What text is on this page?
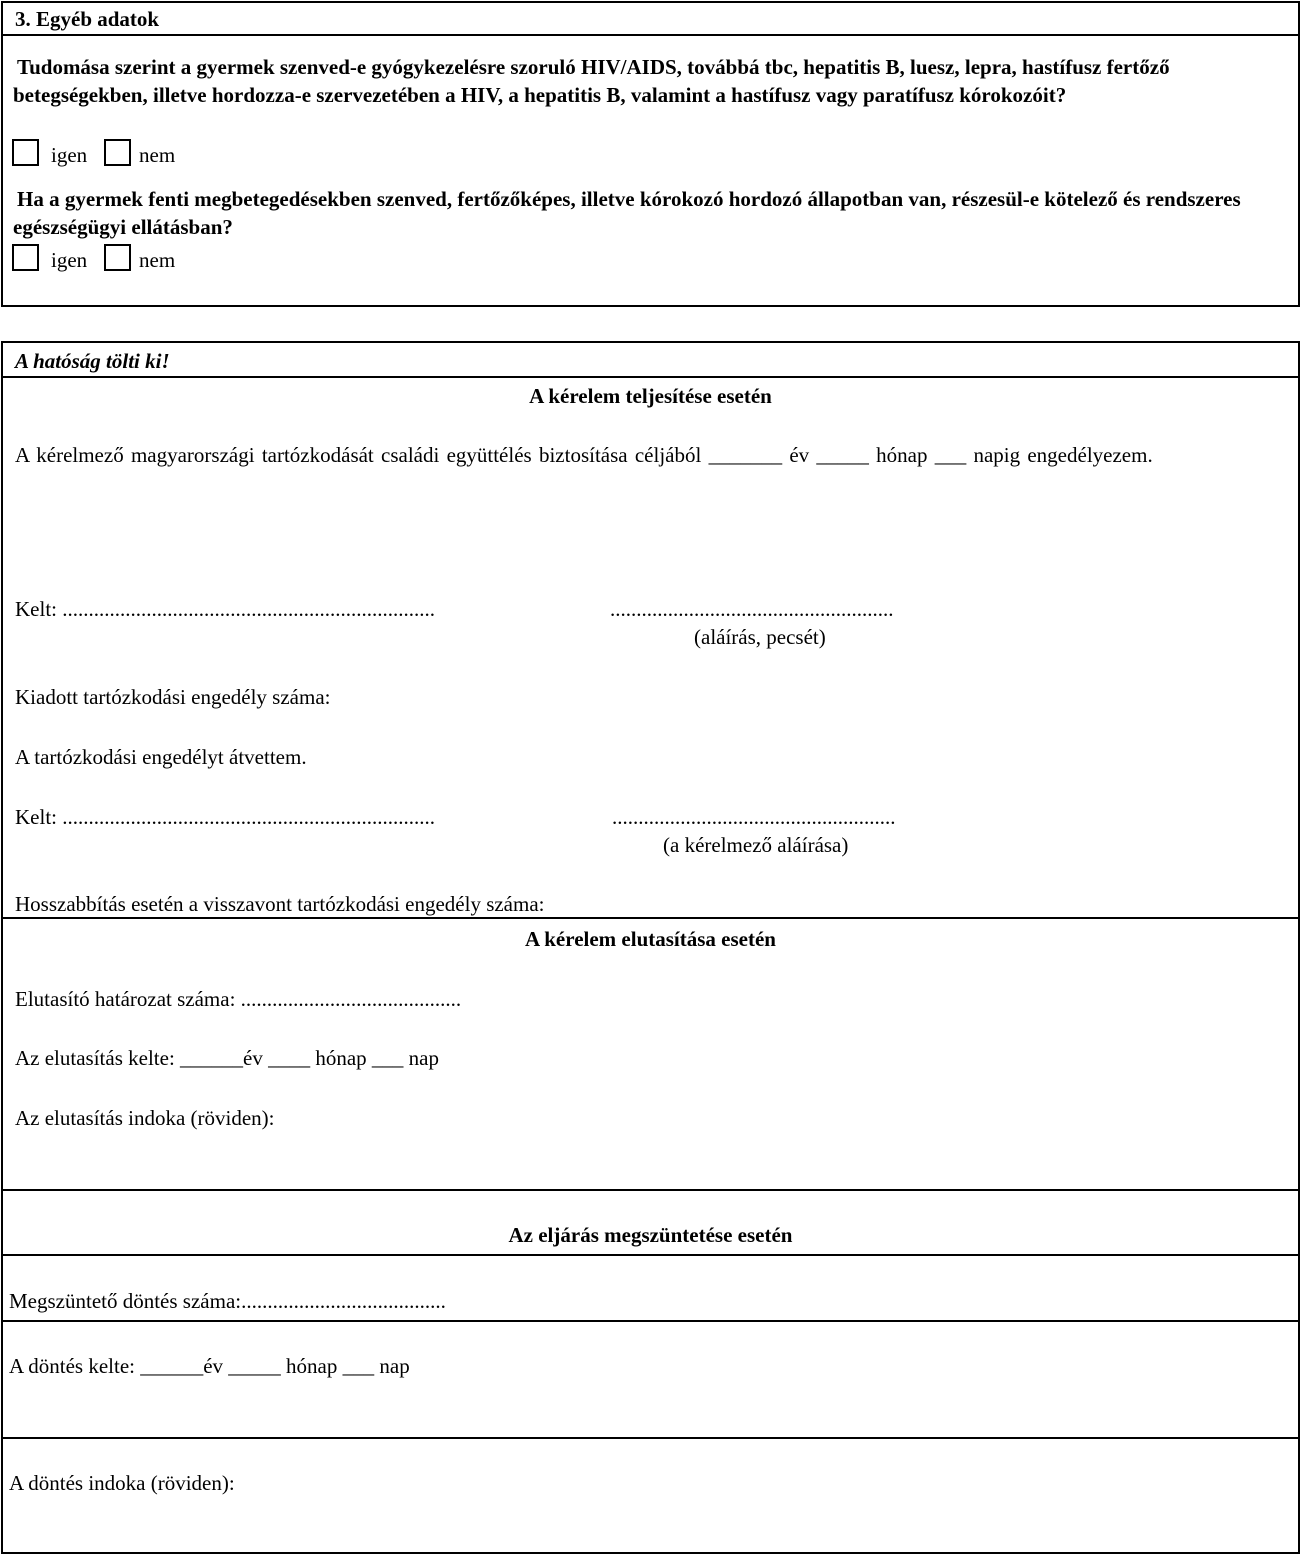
3. Egyéb adatok
Tudomása szerint a gyermek szenved-e gyógykezelésre szoruló HIV/AIDS, továbbá tbc, hepatitis B, luesz, lepra, hastífusz fertőző betegségekben, illetve hordozza-e szervezetében a HIV, a hepatitis B, valamint a hastífusz vagy paratífusz kórokozóit?
igen nem
Ha a gyermek fenti megbetegedésekben szenved, fertőzőképes, illetve kórokozó hordozó állapotban van, részesül-e kötelező és rendszeres egészségügyi ellátásban?
igen nem
A hatóság tölti ki!
A kérelem teljesítése esetén
A kérelmező magyarországi tartózkodását családi együttélés biztosítása céljából _______ év _____ hónap ___ napig engedélyezem.
Kelt: .......................................................................	......................................................
(aláírás, pecsét)
Kiadott tartózkodási engedély száma:
A tartózkodási engedélyt átvettem.
Kelt: .......................................................................	......................................................
(a kérelmező aláírása)
Hosszabbítás esetén a visszavont tartózkodási engedély száma:
A kérelem elutasítása esetén
Elutasító határozat száma: ..........................................
Az elutasítás kelte: ______év ____ hónap ___ nap
Az elutasítás indoka (röviden):
Az eljárás megszüntetése esetén
Megszüntető döntés száma:.......................................
A döntés kelte: ______év _____ hónap ___ nap
A döntés indoka (röviden):
